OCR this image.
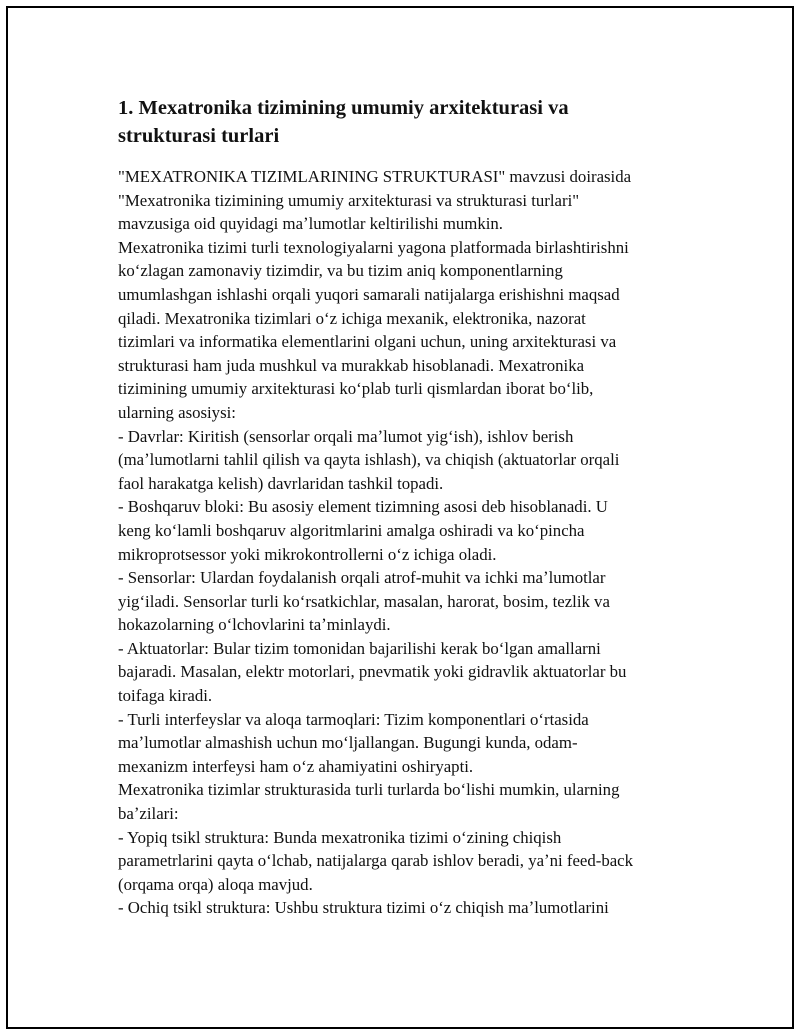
1. Mexatronika tizimining umumiy arxitekturasi va
strukturasi turlari
"MEXATRONIKA TIZIMLARINING STRUKTURASI" mavzusi doirasida
"Mexatronika tizimining umumiy arxitekturasi va strukturasi turlari"
mavzusiga oid quyidagi maʼlumotlar keltirilishi mumkin.
Mexatronika tizimi turli texnologiyalarni yagona platformada birlashtirishni
koʻzlagan zamonaviy tizimdir, va bu tizim aniq komponentlarning
umumlashgan ishlashi orqali yuqori samarali natijalarga erishishni maqsad
qiladi. Mexatronika tizimlari oʻz ichiga mexanik, elektronika, nazorat
tizimlari va informatika elementlarini olgani uchun, uning arxitekturasi va
strukturasi ham juda mushkul va murakkab hisoblanadi. Mexatronika
tizimining umumiy arxitekturasi koʻplab turli qismlardan iborat boʻlib,
ularning asosiysi:
- Davrlar: Kiritish (sensorlar orqali maʼlumot yigʻish), ishlov berish
(maʼlumotlarni tahlil qilish va qayta ishlash), va chiqish (aktuatorlar orqali
faol harakatga kelish) davrlaridan tashkil topadi.
- Boshqaruv bloki: Bu asosiy element tizimning asosi deb hisoblanadi. U
keng koʻlamli boshqaruv algoritmlarini amalga oshiradi va koʻpincha
mikroprotsessor yoki mikrokontrollerni oʻz ichiga oladi.
- Sensorlar: Ulardan foydalanish orqali atrof-muhit va ichki maʼlumotlar
yigʻiladi. Sensorlar turli koʻrsatkichlar, masalan, harorat, bosim, tezlik va
hokazolarning oʻlchovlarini taʼminlaydi.
- Aktuatorlar: Bular tizim tomonidan bajarilishi kerak boʻlgan amallarni
bajaradi. Masalan, elektr motorlari, pnevmatik yoki gidravlik aktuatorlar bu
toifaga kiradi.
- Turli interfeyslar va aloqa tarmoqlari: Tizim komponentlari oʻrtasida
maʼlumotlar almashish uchun moʻljallangan. Bugungi kunda, odam-
mexanizm interfeysi ham oʻz ahamiyatini oshiryapti.
Mexatronika tizimlar strukturasida turli turlarda boʻlishi mumkin, ularning
baʼzilari:
- Yopiq tsikl struktura: Bunda mexatronika tizimi oʻzining chiqish
parametrlarini qayta oʻlchab, natijalarga qarab ishlov beradi, yaʼni feed-back
(orqama orqa) aloqa mavjud.
- Ochiq tsikl struktura: Ushbu struktura tizimi oʻz chiqish maʼlumotlarini
